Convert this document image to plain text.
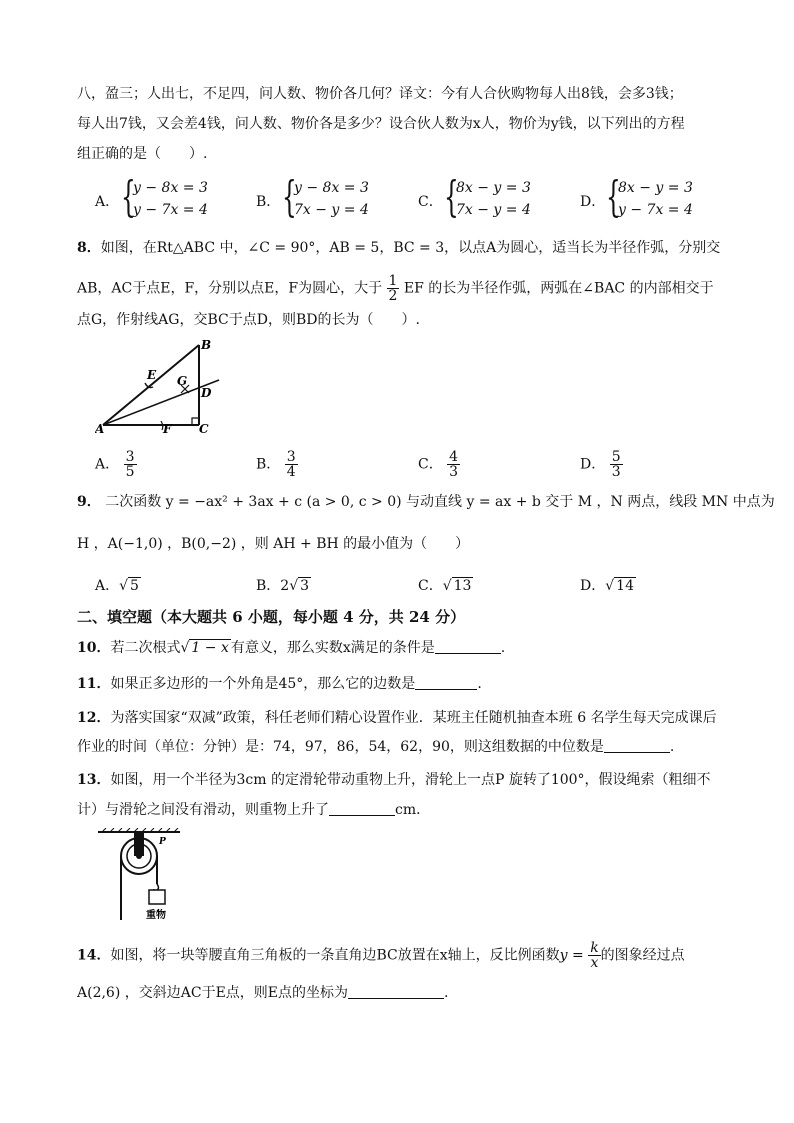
八，盈三；人出七，不足四，问人数、物价各几何？译文：今有人合伙购物每人出8钱，会多3钱；
每人出7钱，又会差4钱，问人数、物价各是多少？设合伙人数为x人，物价为y钱，以下列出的方程
组正确的是（　　）.
A． {
y − 8x = 3
y − 7x = 4	B． {
y − 8x = 3
7x − y = 4	C． {
8x − y = 3
7x − y = 4	D． {
8x − y = 3
y − 7x = 4
8．如图，在Rt△ABC 中，∠C = 90°，AB = 5，BC = 3，以点A为圆心，适当长为半径作弧，分别交
AB，AC于点E，F，分别以点E，F为圆心，大于 $\frac{1}{2}$ EF 的长为半径作弧，两弧在∠BAC 的内部相交于
点G，作射线AG，交BC于点D，则BD的长为（　　）.
B
E G
D
A	F C
A． $\frac{3}{5}$	B． $\frac{3}{4}$	C． $\frac{4}{3}$	D． $\frac{5}{3}$
9． 二次函数 y = −ax² + 3ax + c (a > 0, c > 0) 与动直线 y = ax + b 交于 M ，N 两点，线段 MN 中点为
H ，A(−1,0) ，B(0,−2) ，则 AH + BH 的最小值为（　　）
A．√ 5	B．2√ 3	C．√ 13	D．√ 14
二、填空题（本大题共 6 小题，每小题 4 分，共 24 分）
10．若二次根式√ 1 − x 有意义，那么实数x满足的条件是	.
11．如果正多边形的一个外角是45°，那么它的边数是	.
12．为落实国家“双减”政策，科任老师们精心设置作业．某班主任随机抽查本班 6 名学生每天完成课后
作业的时间（单位：分钟）是：74，97，86，54，62，90，则这组数据的中位数是	.
13．如图，用一个半径为3cm 的定滑轮带动重物上升，滑轮上一点P 旋转了100°，假设绳索（粗细不
计）与滑轮之间没有滑动，则重物上升了	cm．
P
重物
14．如图，将一块等腰直角三角板的一条直角边BC放置在x轴上，反比例函数$y = \frac{k}{x}$ 的图象经过点
A(2,6) ，交斜边AC于E点，则E点的坐标为	.
